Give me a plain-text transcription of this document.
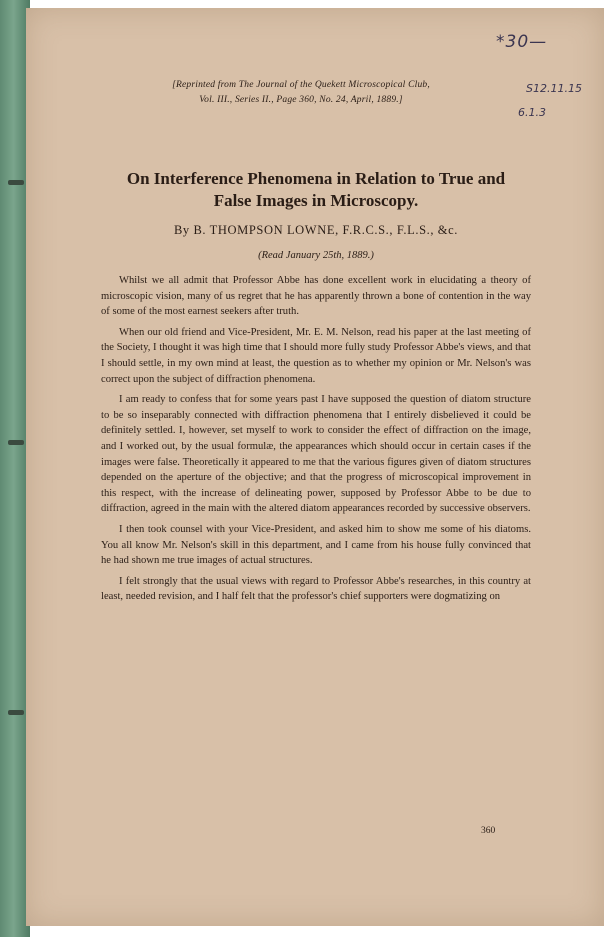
*30—
S12.11.15
6.1.3
[Reprinted from The Journal of the Quekett Microscopical Club,
Vol. III., Series II., Page 360, No. 24, April, 1889.]
On Interference Phenomena in Relation to True and
False Images in Microscopy.
By B. THOMPSON LOWNE, F.R.C.S., F.L.S., &c.
(Read January 25th, 1889.)

Whilst we all admit that Professor Abbe has done excellent work in elucidating a theory of microscopic vision, many of us regret that he has apparently thrown a bone of contention in the way of some of the most earnest seekers after truth.

When our old friend and Vice-President, Mr. E. M. Nelson, read his paper at the last meeting of the Society, I thought it was high time that I should more fully study Professor Abbe's views, and that I should settle, in my own mind at least, the question as to whether my opinion or Mr. Nelson's was correct upon the subject of diffraction phenomena.

I am ready to confess that for some years past I have supposed the question of diatom structure to be so inseparably connected with diffraction phenomena that I entirely disbelieved it could be definitely settled. I, however, set myself to work to consider the effect of diffraction on the image, and I worked out, by the usual formulæ, the appearances which should occur in certain cases if the images were false. Theoretically it appeared to me that the various figures given of diatom structures depended on the aperture of the objective; and that the progress of microscopical improvement in this respect, with the increase of delineating power, supposed by Professor Abbe to be due to diffraction, agreed in the main with the altered diatom appearances recorded by successive observers.

I then took counsel with your Vice-President, and asked him to show me some of his diatoms. You all know Mr. Nelson's skill in this department, and I came from his house fully convinced that he had shown me true images of actual structures.

I felt strongly that the usual views with regard to Professor Abbe's researches, in this country at least, needed revision, and I half felt that the professor's chief supporters were dogmatizing on

360
